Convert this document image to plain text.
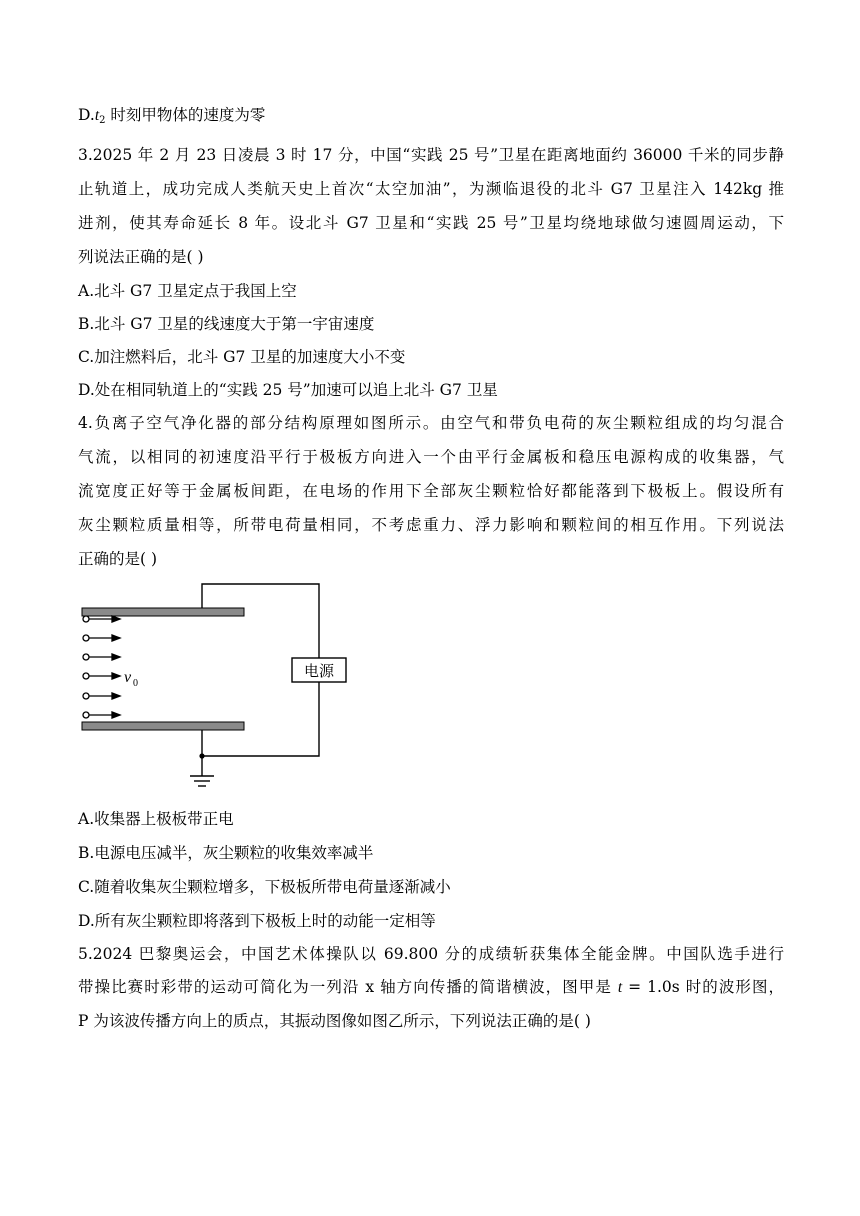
$D.t_2$ 时刻甲物体的速度为零
3.2025 年 2 月 23 日凌晨 3 时 17 分，中国“实践 25 号”卫星在距离地面约 36000 千米的同步静
止轨道上，成功完成人类航天史上首次“太空加油”，为濒临退役的北斗 G7 卫星注入 142kg 推
进剂，使其寿命延长 8 年。设北斗 G7 卫星和“实践 25 号”卫星均绕地球做匀速圆周运动，下
列说法正确的是( )
A.北斗 G7 卫星定点于我国上空
B.北斗 G7 卫星的线速度大于第一宇宙速度
C.加注燃料后，北斗 G7 卫星的加速度大小不变
D.处在相同轨道上的“实践 25 号”加速可以追上北斗 G7 卫星
4.负离子空气净化器的部分结构原理如图所示。由空气和带负电荷的灰尘颗粒组成的均匀混合
气流，以相同的初速度沿平行于极板方向进入一个由平行金属板和稳压电源构成的收集器，气
流宽度正好等于金属板间距，在电场的作用下全部灰尘颗粒恰好都能落到下极板上。假设所有
灰尘颗粒质量相等，所带电荷量相同，不考虑重力、浮力影响和颗粒间的相互作用。下列说法
正确的是( )
电源
v 0
A.收集器上极板带正电
B.电源电压减半，灰尘颗粒的收集效率减半
C.随着收集灰尘颗粒增多，下极板所带电荷量逐渐减小
D.所有灰尘颗粒即将落到下极板上时的动能一定相等
5.2024 巴黎奥运会，中国艺术体操队以 69.800 分的成绩斩获集体全能金牌。中国队选手进行
带操比赛时彩带的运动可简化为一列沿 x 轴方向传播的简谐横波，图甲是 t = 1.0s 时的波形图，
P 为该波传播方向上的质点，其振动图像如图乙所示，下列说法正确的是( )
